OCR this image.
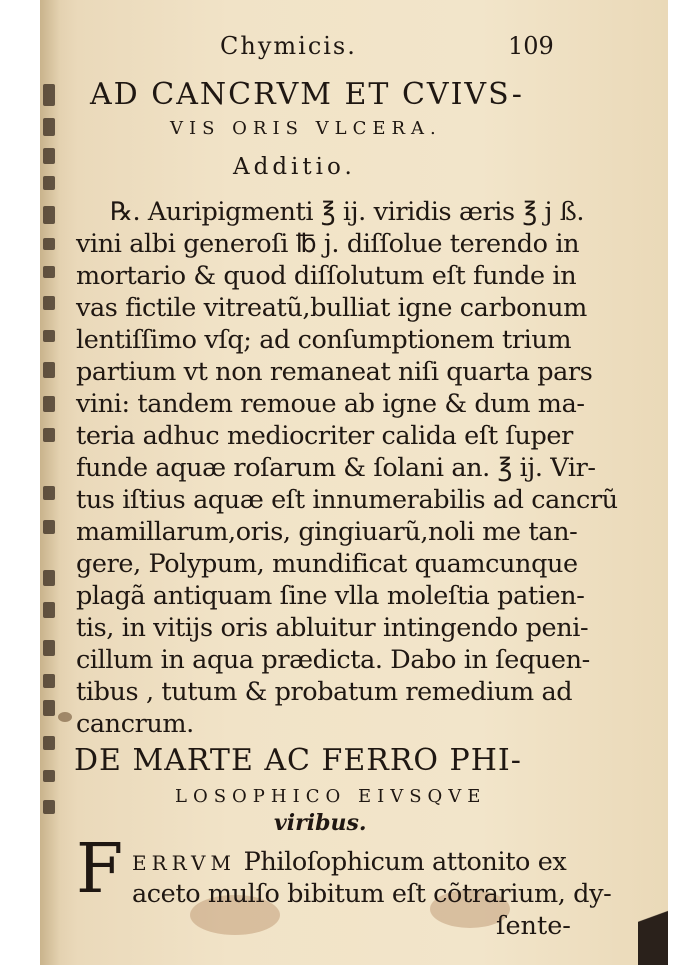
Chymicis.	109
AD CANCRVM ET CVIVS-
VIS ORIS VLCERA.
Additio.
℞. Auripigmenti ℥ ij. viridis æris ℥ j ß.
vini albi generoſi ℔ j. diſſolue terendo in
mortario & quod diſſolutum eſt funde in
vas fictile vitreatũ,bulliat igne carbonum
lentiſſimo vſq; ad conſumptionem trium
partium vt non remaneat niſi quarta pars
vini: tandem remoue ab igne & dum ma-
teria adhuc mediocriter calida eſt ſuper
funde aquæ roſarum & ſolani an. ℥ ij. Vir-
tus iſtius aquæ eſt innumerabilis ad cancrũ
mamillarum,oris, gingiuarũ,noli me tan-
gere, Polypum, mundificat quamcunque
plagã antiquam ſine vlla moleſtia patien-
tis, in vitijs oris abluitur intingendo peni-
cillum in aqua prædicta. Dabo in ſequen-
tibus , tutum & probatum remedium ad
cancrum.
DE MARTE AC FERRO PHI-
LOSOPHICO EIVSQVE
viribus.
F ERRVM Philoſophicum attonito ex
aceto mulſo bibitum eſt cõtrarium, dy-
ſente-
